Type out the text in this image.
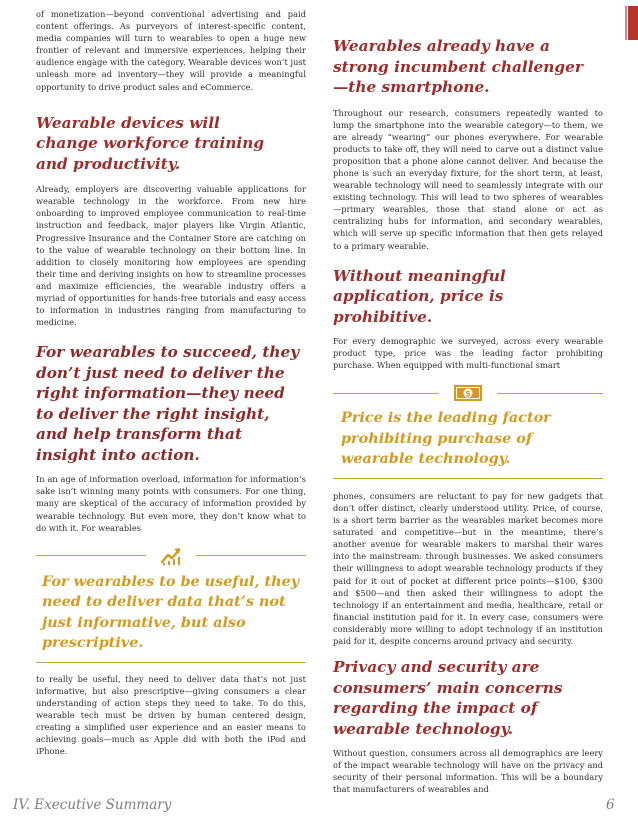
of monetization—beyond conventional advertising and paid content offerings. As purveyors of interest-specific content, media companies will turn to wearables to open a huge new frontier of relevant and immersive experiences, helping their audience engage with the category. Wearable devices won’t just unleash more ad inventory—they will provide a meaningful opportunity to drive product sales and eCommerce.

Wearable devices will change workforce training and productivity.

Already, employers are discovering valuable applications for wearable technology in the workforce. From new hire onboarding to improved employee communication to real-time instruction and feedback, major players like Virgin Atlantic, Progressive Insurance and the Container Store are catching on to the value of wearable technology on their bottom line. In addition to closely monitoring how employees are spending their time and deriving insights on how to streamline processes and maximize efficiencies, the wearable industry offers a myriad of opportunities for hands-free tutorials and easy access to information in industries ranging from manufacturing to medicine.

For wearables to succeed, they don’t just need to deliver the right information—they need to deliver the right insight, and help transform that insight into action.

In an age of information overload, information for information’s sake isn’t winning many points with consumers. For one thing, many are skeptical of the accuracy of information provided by wearable technology. But even more, they don’t know what to do with it. For wearables

For wearables to be useful, they need to deliver data that’s not just informative, but also prescriptive.

to really be useful, they need to deliver data that’s not just informative, but also prescriptive—giving consumers a clear understanding of action steps they need to take. To do this, wearable tech must be driven by human centered design, creating a simplified user experience and an easier means to achieving goals—much as Apple did with both the iPod and iPhone.

Wearables already have a strong incumbent challenger—the smartphone.

Throughout our research, consumers repeatedly wanted to lump the smartphone into the wearable category—to them, we are already “wearing” our phones everywhere. For wearable products to take off, they will need to carve out a distinct value proposition that a phone alone cannot deliver. And because the phone is such an everyday fixture, for the short term, at least, wearable technology will need to seamlessly integrate with our existing technology. This will lead to two spheres of wearables—primary wearables, those that stand alone or act as centralizing hubs for information, and secondary wearables, which will serve up specific information that then gets relayed to a primary wearable.

Without meaningful application, price is prohibitive.

For every demographic we surveyed, across every wearable product type, price was the leading factor prohibiting purchase. When equipped with multi-functional smart

$
Price is the leading factor prohibiting purchase of wearable technology.

phones, consumers are reluctant to pay for new gadgets that don’t offer distinct, clearly understood utility. Price, of course, is a short term barrier as the wearables market becomes more saturated and competitive—but in the meantime, there’s another avenue for wearable makers to marshal their wares into the mainstream: through businesses. We asked consumers their willingness to adopt wearable technology products if they paid for it out of pocket at different price points—$100, $300 and $500—and then asked their willingness to adopt the technology if an entertainment and media, healthcare, retail or financial institution paid for it. In every case, consumers were considerably more willing to adopt technology if an institution paid for it, despite concerns around privacy and security.

Privacy and security are consumers’ main concerns regarding the impact of wearable technology.

Without question, consumers across all demographics are leery of the impact wearable technology will have on the privacy and security of their personal information. This will be a boundary that manufacturers of wearables and

IV. Executive Summary	6
